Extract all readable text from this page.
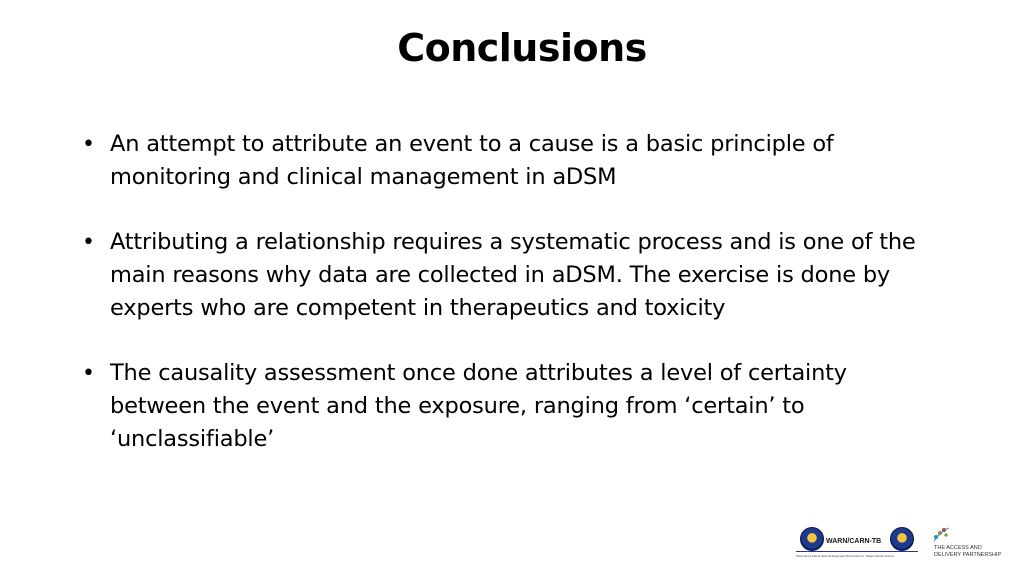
Conclusions
• An attempt to attribute an event to a cause is a basic principle of monitoring and clinical management in aDSM
• Attributing a relationship requires a systematic process and is one of the main reasons why data are collected in aDSM. The exercise is done by experts who are competent in therapeutics and toxicity
• The causality assessment once done attributes a level of certainty between the event and the exposure, ranging from ‘certain’ to ‘unclassifiable’
WARN/CARN-TB
West and Central African Regional Networks for Tuberculosis control
THE ACCESS AND
DELIVERY PARTNERSHIP
